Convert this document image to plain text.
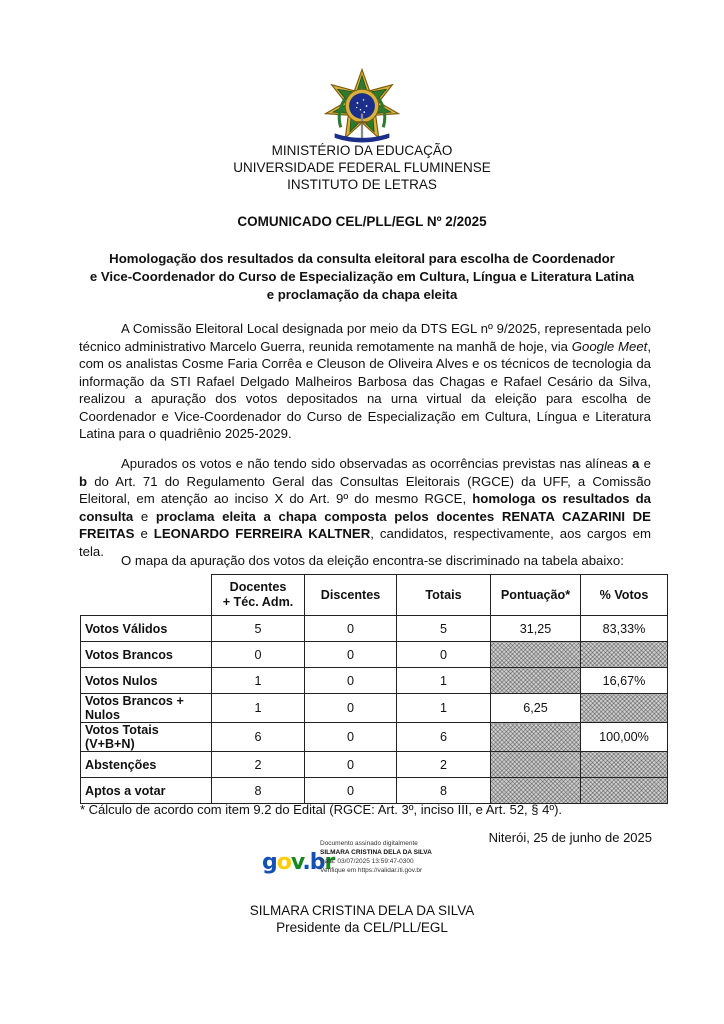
MINISTÉRIO DA EDUCAÇÃO
UNIVERSIDADE FEDERAL FLUMINENSE
INSTITUTO DE LETRAS
COMUNICADO CEL/PLL/EGL Nº 2/2025
Homologação dos resultados da consulta eleitoral para escolha de Coordenador
e Vice-Coordenador do Curso de Especialização em Cultura, Língua e Literatura Latina
e proclamação da chapa eleita

A Comissão Eleitoral Local designada por meio da DTS EGL nº 9/2025, representada pelo técnico administrativo Marcelo Guerra, reunida remotamente na manhã de hoje, via Google Meet, com os analistas Cosme Faria Corrêa e Cleuson de Oliveira Alves e os técnicos de tecnologia da informação da STI Rafael Delgado Malheiros Barbosa das Chagas e Rafael Cesário da Silva, realizou a apuração dos votos depositados na urna virtual da eleição para escolha de Coordenador e Vice-Coordenador do Curso de Especialização em Cultura, Língua e Literatura Latina para o quadriênio 2025-2029.

Apurados os votos e não tendo sido observadas as ocorrências previstas nas alíneas a e b do Art. 71 do Regulamento Geral das Consultas Eleitorais (RGCE) da UFF, a Comissão Eleitoral, em atenção ao inciso X do Art. 9º do mesmo RGCE, homologa os resultados da consulta e proclama eleita a chapa composta pelos docentes RENATA CAZARINI DE FREITAS e LEONARDO FERREIRA KALTNER, candidatos, respectivamente, aos cargos em tela.

O mapa da apuração dos votos da eleição encontra-se discriminado na tabela abaixo:

	Docentes
+ Téc. Adm.	Discentes	Totais	Pontuação*	% Votos
Votos Válidos	5	0	5	31,25	83,33%
Votos Brancos	0	0	0		
Votos Nulos	1	0	1		16,67%
Votos Brancos + Nulos	1	0	1	6,25	
Votos Totais (V+B+N)	6	0	6		100,00%
Abstenções	2	0	2		
Aptos a votar	8	0	8		
* Cálculo de acordo com item 9.2 do Edital (RGCE: Art. 3º, inciso III, e Art. 52, § 4º).
Niterói, 25 de junho de 2025
gov.br
Documento assinado digitalmente
SILMARA CRISTINA DELA DA SILVA
Data: 03/07/2025 13:59:47-0300
Verifique em https://validar.iti.gov.br
SILMARA CRISTINA DELA DA SILVA
Presidente da CEL/PLL/EGL
